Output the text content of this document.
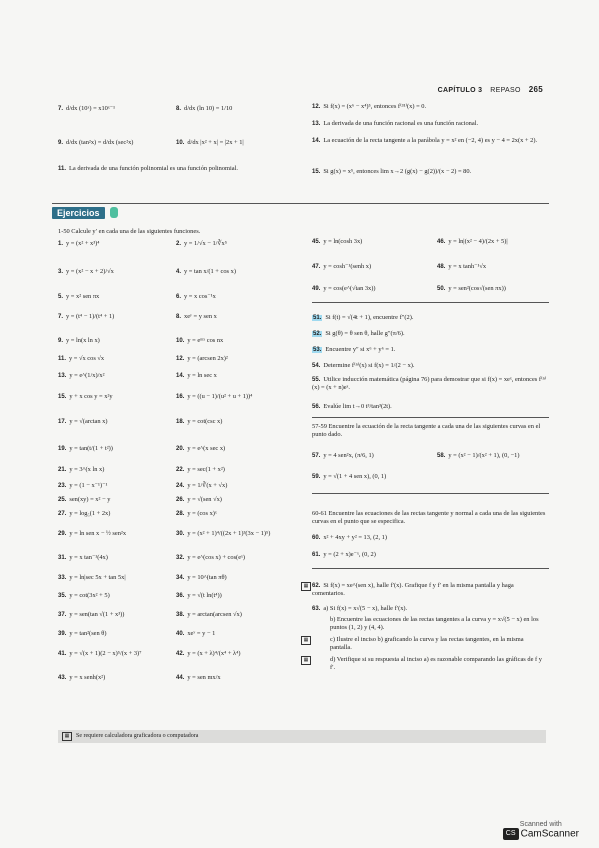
CAPÍTULO 3 REPASO 265
7. d/dx (10ˣ) = x10ˣ⁻¹	8. d/dx (ln 10) = 1/10
9. d/dx (tan²x) = d/dx (sec²x)	10. d/dx |x² + x| = |2x + 1|
11. La derivada de una función polinomial es una función polinomial.
12. Si f(x) = (x⁶ − x⁴)⁵, entonces f⁽³¹⁾(x) = 0.
13. La derivada de una función racional es una función racional.
14. La ecuación de la recta tangente a la parábola y = x² en (−2, 4) es y − 4 = 2x(x + 2).
15. Si g(x) = x⁵, entonces lim x→2 (g(x) − g(2))/(x − 2) = 80.
Ejercicios
1-50 Calcule y′ en cada una de las siguientes funciones.
1. y = (x² + x³)⁴	2. y = 1/√x − 1/∛x⁵
3. y = (x² − x + 2)/√x	4. y = tan x/(1 + cos x)
5. y = x² sen πx	6. y = x cos⁻¹x
7. y = (t⁴ − 1)/(t⁴ + 1)	8. xeʸ = y sen x
9. y = ln(x ln x)	10. y = eᵐˣ cos nx
11. y = √x cos √x	12. y = (arcsen 2x)²
13. y = e^(1/x)/x²	14. y = ln sec x
15. y + x cos y = x²y	16. y = ((u − 1)/(u² + u + 1))⁴
17. y = √(arctan x)	18. y = cot(csc x)
19. y = tan(t/(1 + t²))	20. y = e^(x sec x)
21. y = 3^(x ln x)	22. y = sec(1 + x²)
23. y = (1 − x⁻¹)⁻¹	24. y = 1/∛(x + √x)
25. sen(xy) = x² − y	26. y = √(sen √x)
27. y = log₅(1 + 2x)	28. y = (cos x)ˣ
29. y = ln sen x − ½ sen²x	30. y = (x² + 1)⁴/((2x + 1)³(3x − 1)⁵)
31. y = x tan⁻¹(4x)	32. y = e^(cos x) + cos(eˣ)
33. y = ln|sec 5x + tan 5x|	34. y = 10^(tan πθ)
35. y = cot(3x² + 5)	36. y = √(t ln(t⁴))
37. y = sen(tan √(1 + x³))	38. y = arctan(arcsen √x)
39. y = tan²(sen θ)	40. xeʸ = y − 1
41. y = √(x + 1)(2 − x)⁵/(x + 3)⁷	42. y = (x + λ)⁴/(x⁴ + λ⁴)
43. y = x senh(x²)	44. y = sen mx/x
45. y = ln(cosh 3x)	46. y = ln|(x² − 4)/(2x + 5)|
47. y = cosh⁻¹(senh x)	48. y = x tanh⁻¹√x
49. y = cos(e^(√tan 3x))	50. y = sen²(cos√(sen πx))
51. Si f(t) = √(4t + 1), encuentre f″(2).
52. Si g(θ) = θ sen θ, halle g″(π/6).
53. Encuentre y″ si x⁶ + y⁶ = 1.
54. Determine f⁽ⁿ⁾(x) si f(x) = 1/(2 − x).
55. Utilice inducción matemática (página 76) para demostrar que si f(x) = xeˣ, entonces f⁽ⁿ⁾(x) = (x + n)eˣ.
56. Evalúe lim t→0 t³/tan³(2t).
57-59 Encuentre la ecuación de la recta tangente a cada una de las siguientes curvas en el punto dado.
57. y = 4 sen²x, (π/6, 1)	58. y = (x² − 1)/(x² + 1), (0, −1)
59. y = √(1 + 4 sen x), (0, 1)
60-61 Encuentre las ecuaciones de las rectas tangente y normal a cada una de las siguientes curvas en el punto que se especifica.
60. x² + 4xy + y² = 13, (2, 1)
61. y = (2 + x)e⁻ˣ, (0, 2)
▦ 62. Si f(x) = xe^(sen x), halle f′(x). Grafique f y f′ en la misma pantalla y haga comentarios.
63. a) Si f(x) = x√(5 − x), halle f′(x).
b) Encuentre las ecuaciones de las rectas tangentes a la curva y = x√(5 − x) en los puntos (1, 2) y (4, 4).
▦	c) Ilustre el inciso b) graficando la curva y las rectas tangentes, en la misma pantalla.
▦	d) Verifique si su respuesta al inciso a) es razonable comparando las gráficas de f y f′.
▦	Se requiere calculadora graficadora o computadora
Scanned with
CS CamScanner
